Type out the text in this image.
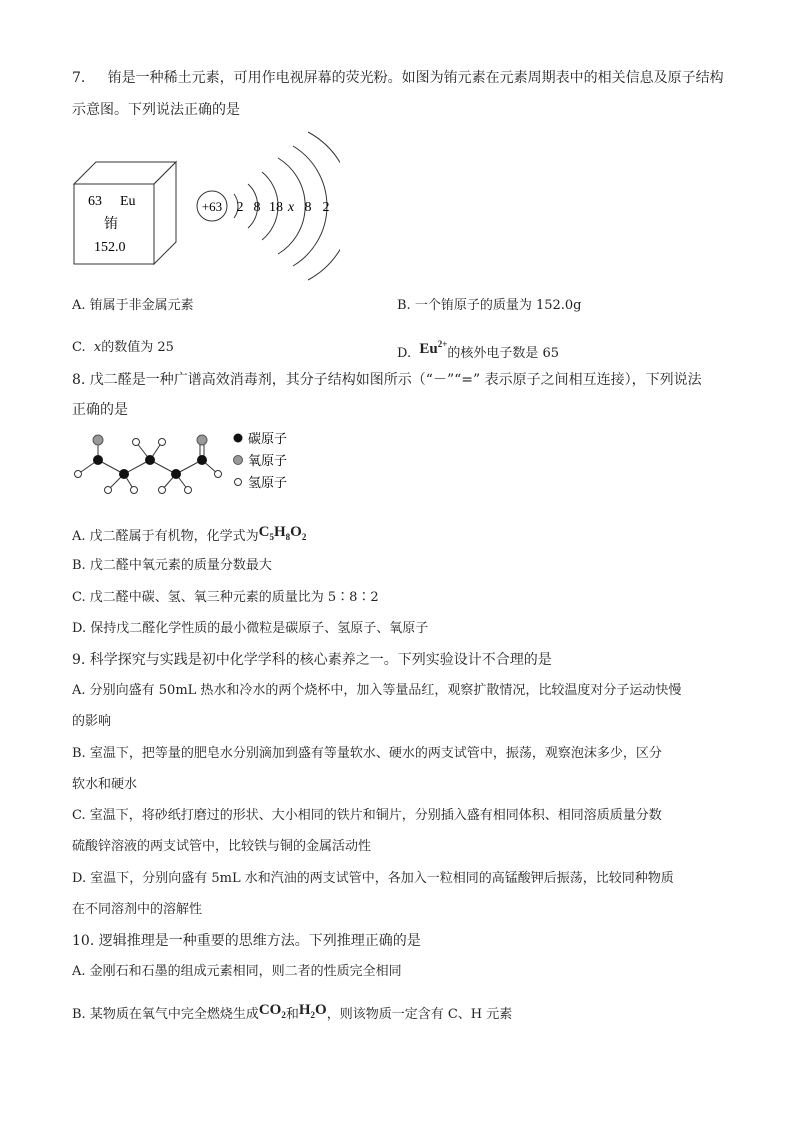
7. 铕是一种稀土元素，可用作电视屏幕的荧光粉。如图为铕元素在元素周期表中的相关信息及原子结构
示意图。下列说法正确的是
63 Eu
铕
152.0
+63 2 8 18 x 8 2
A. 铕属于非金属元素	B. 一个铕原子的质量为 152.0g
C. x的数值为 25	D. $Eu^{2+}$的核外电子数是 65
8. 戊二醛是一种广谱高效消毒剂，其分子结构如图所示（“－”“=” 表示原子之间相互连接），下列说法
正确的是
碳原子
氧原子
氢原子
A. 戊二醛属于有机物，化学式为$C_5H_8O_2$
B. 戊二醛中氧元素的质量分数最大
C. 戊二醛中碳、氢、氧三种元素的质量比为 5∶8∶2
D. 保持戊二醛化学性质的最小微粒是碳原子、氢原子、氧原子
9. 科学探究与实践是初中化学学科的核心素养之一。下列实验设计不合理的是
A. 分别向盛有 50mL 热水和冷水的两个烧杯中，加入等量品红，观察扩散情况，比较温度对分子运动快慢
的影响
B. 室温下，把等量的肥皂水分别滴加到盛有等量软水、硬水的两支试管中，振荡，观察泡沫多少，区分
软水和硬水
C. 室温下，将砂纸打磨过的形状、大小相同的铁片和铜片，分别插入盛有相同体积、相同溶质质量分数
硫酸锌溶液的两支试管中，比较铁与铜的金属活动性
D. 室温下，分别向盛有 5mL 水和汽油的两支试管中，各加入一粒相同的高锰酸钾后振荡，比较同种物质
在不同溶剂中的溶解性
10. 逻辑推理是一种重要的思维方法。下列推理正确的是
A. 金刚石和石墨的组成元素相同，则二者的性质完全相同
B. 某物质在氧气中完全燃烧生成$CO_2$和$H_2O$，则该物质一定含有 C、H 元素
